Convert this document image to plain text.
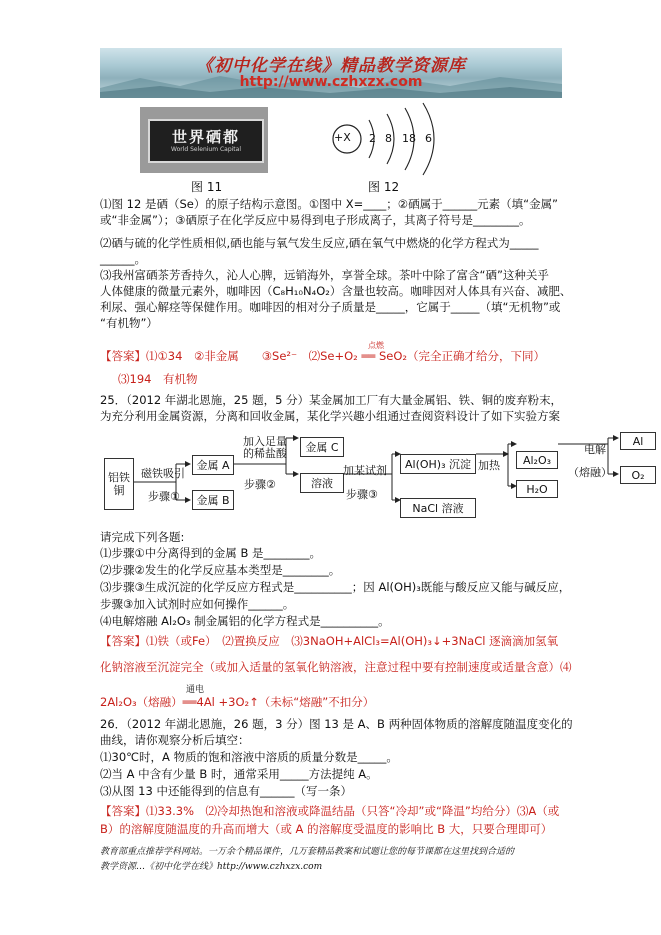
《初中化学在线》精品教学资源库
http://www.czhxzx.com
世界硒都
World Selenium Capital
图 11
+X 2 8 18 6
图 12
⑴图 12 是硒（Se）的原子结构示意图。①图中 X=____；②硒属于______元素（填“金属”
或“非金属”）；③硒原子在化学反应中易得到电子形成离子，其离子符号是________。
⑵硒与硫的化学性质相似,硒也能与氧气发生反应,硒在氧气中燃烧的化学方程式为_____
______。
⑶我州富硒茶芳香持久，沁人心脾，远销海外，享誉全球。茶叶中除了富含“硒”这种关乎
人体健康的微量元素外，咖啡因（C₈H₁₀N₄O₂）含量也较高。咖啡因对人体具有兴奋、减肥、
利尿、强心解痉等保健作用。咖啡因的相对分子质量是_____，它属于_____（填“无机物”或
“有机物”）
点燃
【答案】⑴①34　②非金属　　③Se²⁻　⑵Se+O₂ ══ SeO₂（完全正确才给分，下同）
⑶194　有机物
25．（2012 年湖北恩施，25 题，5 分）某金属加工厂有大量金属铝、铁、铜的废弃粉末，
为充分利用金属资源，分离和回收金属，某化学兴趣小组通过查阅资料设计了如下实验方案
铝铁铜
磁铁吸引
步骤①
金属 A
金属 B
加入足量的稀盐酸
步骤②
金属 C
溶液
加某试剂
步骤③
Al(OH)₃ 沉淀
NaCl 溶液
加热	Al₂O₃
H₂O
电解
（熔融）
Al
O₂
请完成下列各题:
⑴步骤①中分离得到的金属 B 是________。
⑵步骤②发生的化学反应基本类型是________。
⑶步骤③生成沉淀的化学反应方程式是__________；因 Al(OH)₃既能与酸反应又能与碱反应，
步骤③加入试剂时应如何操作______。
⑷电解熔融 Al₂O₃ 制金属铝的化学方程式是__________。
【答案】⑴铁（或Fe）　⑵置换反应　⑶3NaOH+AlCl₃=Al(OH)₃↓+3NaCl 逐滴滴加氢氧
化钠溶液至沉淀完全（或加入适量的氢氧化钠溶液，注意过程中要有控制速度或适量含意）⑷
通电
2Al₂O₃（熔融）══4Al +3O₂↑（未标“熔融”不扣分）
26．（2012 年湖北恩施，26 题，3 分）图 13 是 A、B 两种固体物质的溶解度随温度变化的
曲线，请你观察分析后填空：
⑴30℃时，A 物质的饱和溶液中溶质的质量分数是_____。
⑵当 A 中含有少量 B 时，通常采用_____方法提纯 A。
⑶从图 13 中还能得到的信息有______（写一条）
【答案】⑴33.3%　⑵冷却热饱和溶液或降温结晶（只答“冷却”或“降温”均给分）⑶A（或
B）的溶解度随温度的升高而增大（或 A 的溶解度受温度的影响比 B 大，只要合理即可）
教育部重点推荐学科网站。一万余个精品课件，几万套精品教案和试题让您的每节课都在这里找到合适的
教学资源…《初中化学在线》http://www.czhxzx.com
